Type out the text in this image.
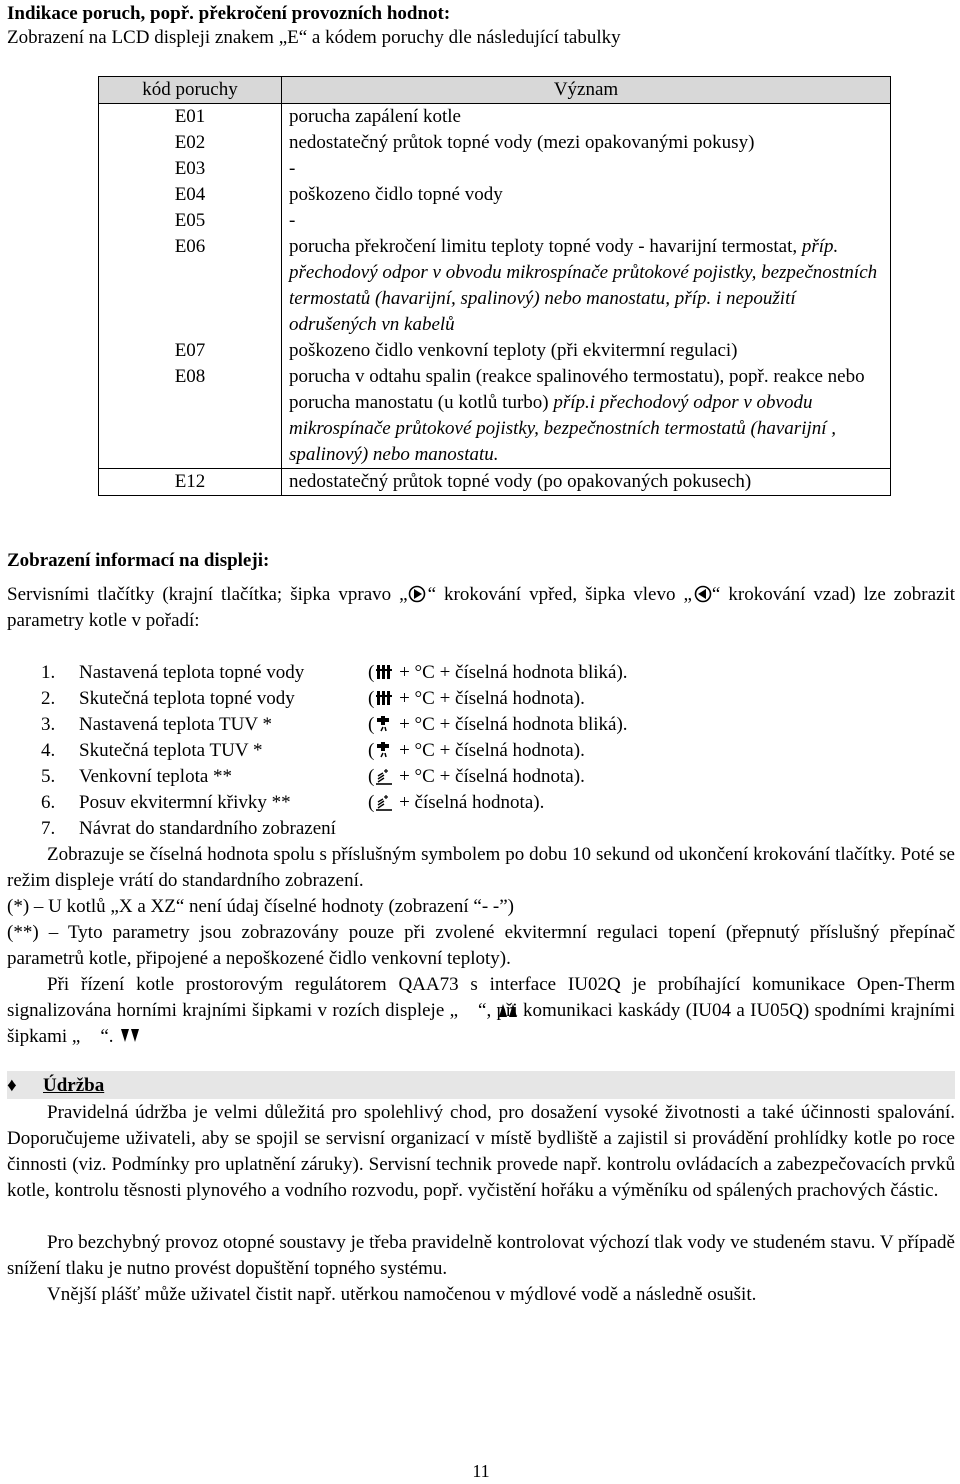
Indikace poruch, popř. překročení provozních hodnot:
Zobrazení na LCD displeji znakem „E“ a kódem poruchy dle následující tabulky
kód poruchy	Význam
E01	porucha zapálení kotle
E02	nedostatečný průtok topné vody (mezi opakovanými pokusy)
E03	-
E04	poškozeno čidlo topné vody
E05	-
E06	porucha překročení limitu teploty topné vody - havarijní termostat, příp. přechodový odpor v obvodu mikrospínače průtokové pojistky, bezpečnostních termostatů (havarijní, spalinový) nebo manostatu, příp. i nepoužití odrušených vn kabelů
E07	poškozeno čidlo venkovní teploty (při ekvitermní regulaci)
E08	porucha v odtahu spalin (reakce spalinového termostatu), popř. reakce nebo porucha manostatu (u kotlů turbo) příp.i přechodový odpor v obvodu mikrospínače průtokové pojistky, bezpečnostních termostatů (havarijní , spalinový) nebo manostatu.
E12	nedostatečný průtok topné vody (po opakovaných pokusech)
Zobrazení informací na displeji:
Servisními tlačítky (krajní tlačítka; šipka vpravo „ “ krokování vpřed, šipka vlevo „ “ krokování vzad) lze zobrazit parametry kotle v pořadí:
1. Nastavená teplota topné vody	( + °C + číselná hodnota bliká).
2. Skutečná teplota topné vody	( + °C + číselná hodnota).
3. Nastavená teplota TUV *	( + °C + číselná hodnota bliká).
4. Skutečná teplota TUV *	( + °C + číselná hodnota).
5. Venkovní teplota **	( + °C + číselná hodnota).
6. Posuv ekvitermní křivky **	( + číselná hodnota).
7. Návrat do standardního zobrazení
Zobrazuje se číselná hodnota spolu s příslušným symbolem po dobu 10 sekund od ukončení krokování tlačítky. Poté se režim displeje vrátí do standardního zobrazení.
(*) – U kotlů „X a XZ“ není údaj číselné hodnoty (zobrazení “- -”)
(**) – Tyto parametry jsou zobrazovány pouze při zvolené ekvitermní regulaci topení (přepnutý příslušný přepínač parametrů kotle, připojené a nepoškozené čidlo venkovní teploty).
Při řízení kotle prostorovým regulátorem QAA73 s interface IU02Q je probíhající komunikace Open-Therm signalizována horními krajními šipkami v rozích displeje „ “, při komunikaci kaskády (IU04 a IU05Q) spodními krajními šipkami „ “.
♦ Údržba
Pravidelná údržba je velmi důležitá pro spolehlivý chod, pro dosažení vysoké životnosti a také účinnosti spalování. Doporučujeme uživateli, aby se spojil se servisní organizací v místě bydliště a zajistil si provádění prohlídky kotle po roce činnosti (viz. Podmínky pro uplatnění záruky). Servisní technik provede např. kontrolu ovládacích a zabezpečovacích prvků kotle, kontrolu těsnosti plynového a vodního rozvodu, popř. vyčistění hořáku a výměníku od spálených prachových částic.
Pro bezchybný provoz otopné soustavy je třeba pravidelně kontrolovat výchozí tlak vody ve studeném stavu. V případě snížení tlaku je nutno provést dopuštění topného systému.
Vnější plášť může uživatel čistit např. utěrkou namočenou v mýdlové vodě a následně osušit.
11
